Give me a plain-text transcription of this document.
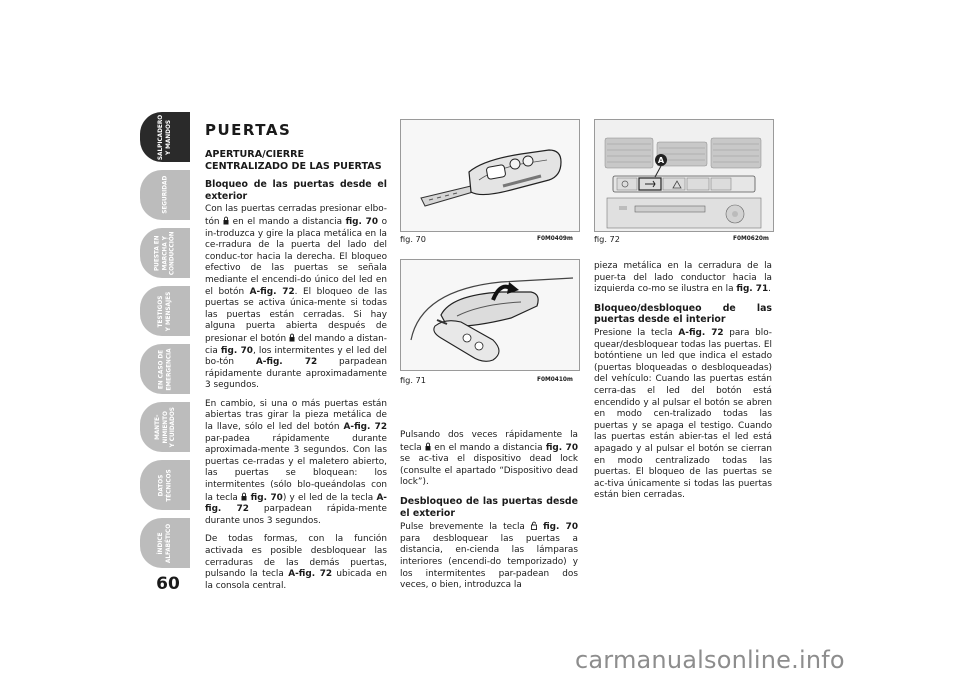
SALPICADERO
Y MANDOS
SEGURIDAD
PUESTA EN
MARCHA Y
CONDUCCIÓN
TESTIGOS
Y MENSAJES
EN CASO DE
EMERGENCIA
MANTE-
NIMIENTO
Y CUIDADOS
DATOS
TÉCNICOS
ÍNDICE
ALFABÉTICO
60
PUERTAS
APERTURA/CIERRE CENTRALIZADO DE LAS PUERTAS
Bloqueo de las puertas desde el exterior

Con las puertas cerradas presionar elbo-tón  en el mando a distancia fig. 70 o in-troduzca y gire la placa metálica en la ce-rradura de la puerta del lado del conduc-tor hacia la derecha. El bloqueo efectivo de las puertas se señala mediante el encendi-do único del led en el botón A-fig. 72. El bloqueo de las puertas se activa única-mente si todas las puertas están cerradas. Si hay alguna puerta abierta después de presionar el botón  del mando a distan-cia fig. 70, los intermitentes y el led del bo-tón A-fig. 72 parpadean rápidamente durante aproximadamente 3 segundos.

En cambio, si una o más puertas están abiertas tras girar la pieza metálica de la llave, sólo el led del botón A-fig. 72 par-padea rápidamente durante aproximada-mente 3 segundos. Con las puertas ce-rradas y el maletero abierto, las puertas se bloquean: los intermitentes (sólo blo-queándolas con la tecla  fig. 70) y el led de la tecla A-fig. 72 parpadean rápida-mente durante unos 3 segundos.

De todas formas, con la función activada es posible desbloquear las cerraduras de las demás puertas, pulsando la tecla A-fig. 72 ubicada en la consola central.

fig. 70	F0M0409m
fig. 71	F0M0410m

Pulsando dos veces rápidamente la tecla  en el mando a distancia fig. 70 se ac-tiva el dispositivo dead lock (consulte el apartado “Dispositivo dead lock”).

Desbloqueo de las puertas desde el exterior

Pulse brevemente la tecla  fig. 70 para desbloquear las puertas a distancia, en-cienda las lámparas interiores (encendi-do temporizado) y los intermitentes par-padean dos veces, o bien, introduzca la

A
fig. 72	F0M0620m

pieza metálica en la cerradura de la puer-ta del lado conductor hacia la izquierda co-mo se ilustra en la fig. 71.

Bloqueo/desbloqueo de las puertas desde el interior

Presione la tecla A-fig. 72 para blo-quear/desbloquear todas las puertas. El botóntiene un led que indica el estado (puertas bloqueadas o desbloqueadas) del vehículo: Cuando las puertas están cerra-das el led del botón está encendido y al pulsar el botón se abren en modo cen-tralizado todas las puertas y se apaga el testigo. Cuando las puertas están abier-tas el led está apagado y al pulsar el botón se cierran en modo centralizado todas las puertas. El bloqueo de las puertas se ac-tiva únicamente si todas las puertas están bien cerradas.

carmanualsonline.info
